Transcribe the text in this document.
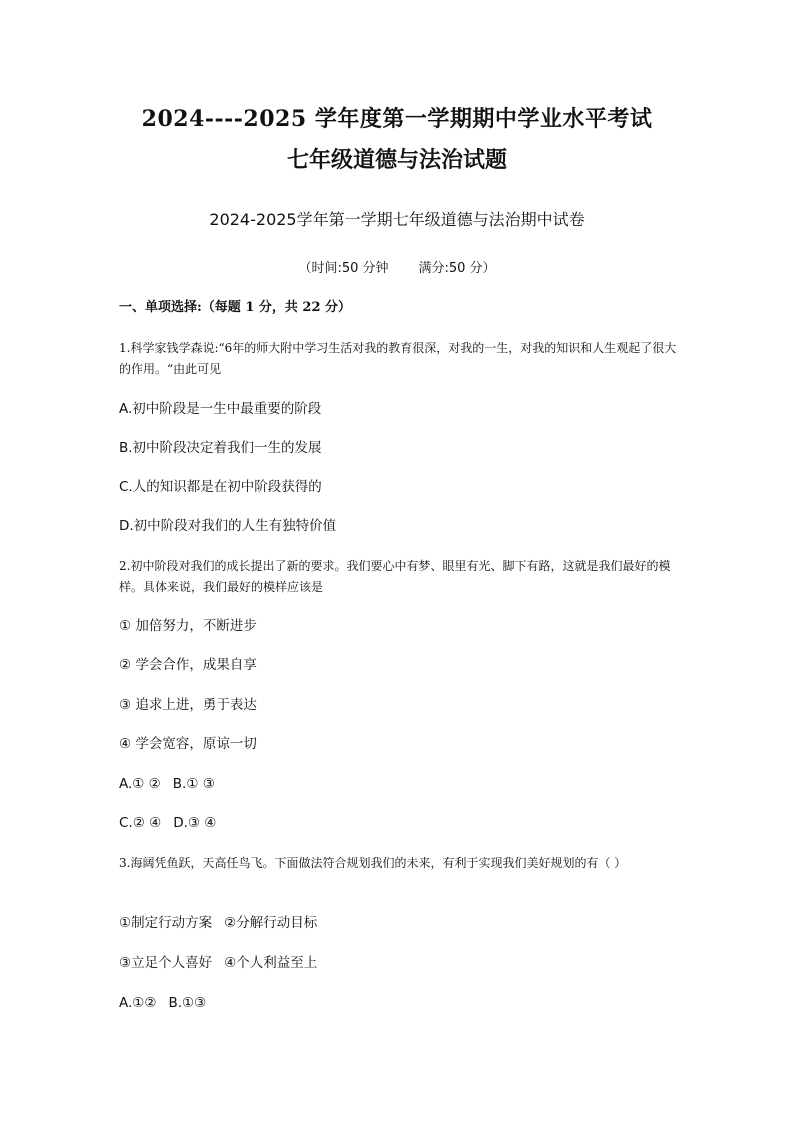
2024----2025 学年度第一学期期中学业水平考试
七年级道德与法治试题
2024-2025学年第一学期七年级道德与法治期中试卷
（时间:50 分钟 满分:50 分）
一、单项选择:（每题 1 分，共 22 分）
1.科学家钱学森说:“6年的师大附中学习生活对我的教育很深，对我的一生，对我的知识和人生观起了很大的作用。“由此可见
A.初中阶段是一生中最重要的阶段
B.初中阶段决定着我们一生的发展
C.人的知识都是在初中阶段获得的
D.初中阶段对我们的人生有独特价值
2.初中阶段对我们的成长提出了新的要求。我们要心中有梦、眼里有光、脚下有路，这就是我们最好的模样。具体来说，我们最好的模样应该是
① 加倍努力，不断进步
② 学会合作，成果自享
③ 追求上进，勇于表达
④ 学会宽容，原谅一切
A.① ② B.① ③
C.② ④ D.③ ④
3.海阔凭鱼跃，天高任鸟飞。下面做法符合规划我们的未来，有利于实现我们美好规划的有（ ）
①制定行动方案 ②分解行动目标
③立足个人喜好 ④个人利益至上
A.①② B.①③
